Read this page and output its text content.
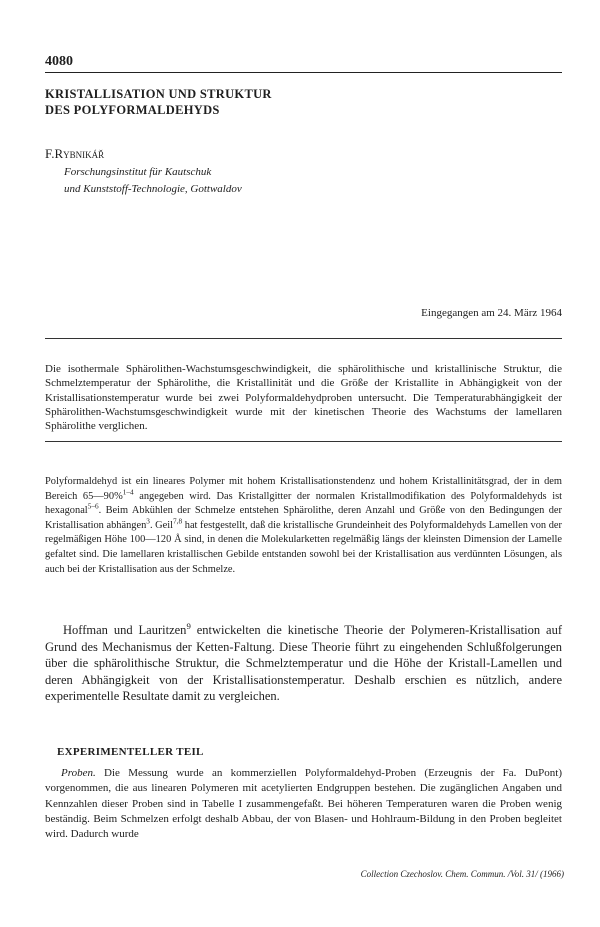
4080
KRISTALLISATION UND STRUKTUR
DES POLYFORMALDEHYDS
F.Rybnikář
Forschungsinstitut für Kautschuk
und Kunststoff-Technologie, Gottwaldov
Eingegangen am 24. März 1964

Die isothermale Sphärolithen-Wachstumsgeschwindigkeit, die sphärolithische und kristallinische Struktur, die Schmelztemperatur der Sphärolithe, die Kristallinität und die Größe der Kristallite in Abhängigkeit von der Kristallisationstemperatur wurde bei zwei Polyformaldehydproben untersucht. Die Temperaturabhängigkeit der Sphärolithen-Wachstumsgeschwindigkeit wurde mit der kinetischen Theorie des Wachstums der lamellaren Sphärolithe verglichen.

Polyformaldehyd ist ein lineares Polymer mit hohem Kristallisationstendenz und hohem Kristallinitätsgrad, der in dem Bereich 65—90%$^{1-4}$ angegeben wird. Das Kristallgitter der normalen Kristallmodifikation des Polyformaldehyds ist hexagonal$^{5-6}$. Beim Abkühlen der Schmelze entstehen Sphärolithe, deren Anzahl und Größe von den Bedingungen der Kristallisation abhängen$^3$. Geil$^{7,8}$ hat festgestellt, daß die kristallische Grundeinheit des Polyformaldehyds Lamellen von der regelmäßigen Höhe 100—120 Å sind, in denen die Molekularketten regelmäßig längs der kleinsten Dimension der Lamelle gefaltet sind. Die lamellaren kristallischen Gebilde entstanden sowohl bei der Kristallisation aus verdünnten Lösungen, als auch bei der Kristallisation aus der Schmelze.

Hoffman und Lauritzen$^9$ entwickelten die kinetische Theorie der Polymeren-Kristallisation auf Grund des Mechanismus der Ketten-Faltung. Diese Theorie führt zu eingehenden Schlußfolgerungen über die sphärolithische Struktur, die Schmelztemperatur und die Höhe der Kristall-Lamellen und deren Abhängigkeit von der Kristallisationstemperatur. Deshalb erschien es nützlich, andere experimentelle Resultate damit zu vergleichen.

EXPERIMENTELLER TEIL

Proben. Die Messung wurde an kommerziellen Polyformaldehyd-Proben (Erzeugnis der Fa. DuPont) vorgenommen, die aus linearen Polymeren mit acetylierten Endgruppen bestehen. Die zugänglichen Angaben und Kennzahlen dieser Proben sind in Tabelle I zusammengefaßt. Bei höheren Temperaturen waren die Proben wenig beständig. Beim Schmelzen erfolgt deshalb Abbau, der von Blasen- und Hohlraum-Bildung in den Proben begleitet wird. Dadurch wurde

Collection Czechoslov. Chem. Commun. /Vol. 31/ (1966)
